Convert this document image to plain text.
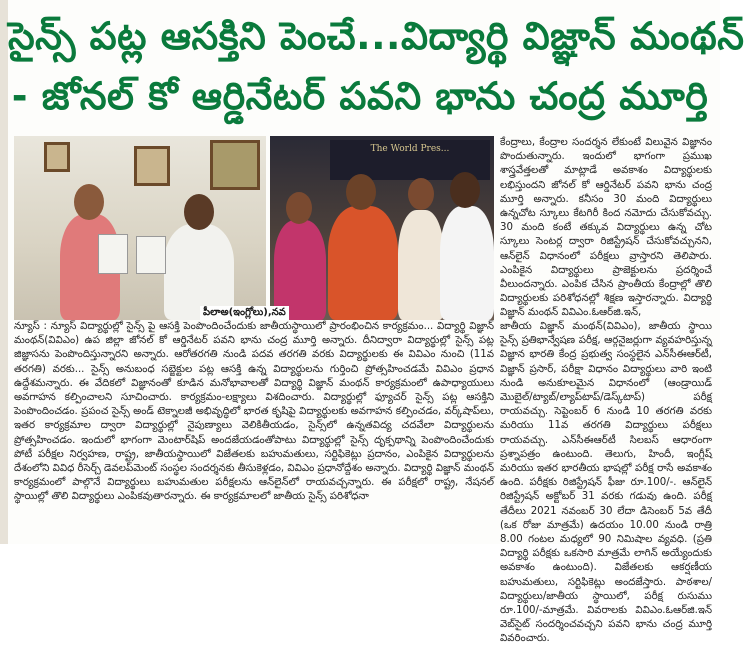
సైన్స్ పట్ల ఆసక్తిని పెంచే...విద్యార్థి విజ్ఞాన్ మంథన్
- జోనల్ కో ఆర్డినేటర్ పవని భాను చంద్ర మూర్తి
The World Pres...
పీలాఅ(ఇంగ్లోలు),నవ

కేంద్రాలు, కేంద్రాల సందర్శన లేకుంటే విలువైన విజ్ఞానం పొందుతున్నారు. ఇందులో భాగంగా ప్రముఖ శాస్త్రవేత్తలతో మాట్లాడే అవకాశం విద్యార్థులకు లభిస్తుందని జోనల్ కో ఆర్డినేటర్ పవని భాను చంద్ర మూర్తి అన్నారు. కనీసం 30 మంది విద్యార్థులు ఉన్నచోట స్కూలు కేటగిరీ కింద నమోదు చేసుకోవచ్చు. 30 మంది కంటే తక్కువ విద్యార్థులు ఉన్న చోట స్కూలు సెంటర్ల ద్వారా రిజిస్ట్రేషన్ చేసుకోవచ్చునని, ఆన్‌లైన్ విధానంలో పరీక్షలు వ్రాస్తారని తెలిపారు. ఎంపికైన విద్యార్థులు ప్రాజెక్టులను ప్రదర్శించే వీలుందన్నారు. ఎంపిక చేసిన ప్రాంతీయ కేంద్రాల్లో తొలి విద్యార్థులకు పరిశోధనల్లో శిక్షణ ఇస్తారన్నారు. విద్యార్థి విజ్ఞాన్ మంథన్ వివిఎం.ఓఆర్‌జి.ఇన్,

న్యూస్ : న్యూస్ విద్యార్థుల్లో సైన్స్ పై ఆసక్తి పెంపొందించేందుకు జాతీయస్థాయిలో ప్రారంభించిన కార్యక్రమం... విద్యార్థి విజ్ఞాన్ మంథన్(వివిఎం) ఉప జిల్లా జోనల్ కో ఆర్డినేటర్ పవని భాను చంద్ర మూర్తి అన్నారు. దీనిద్వారా విద్యార్థుల్లో సైన్స్ పట్ల జిజ్ఞాసను పెంపొందిస్తున్నారని అన్నారు. ఆరోతరగతి నుండి పదవ తరగతి వరకు విద్యార్థులకు ఈ వివిఎం నుంచి (11వ తరగతి) వరకు... సైన్స్ అనుబంధ సబ్జెక్టుల పట్ల ఆసక్తి ఉన్న విద్యార్థులను గుర్తించి ప్రోత్సహించడమే వివిఎం ప్రధాన ఉద్దేశమన్నారు. ఈ వేదికలో విజ్ఞానంతో కూడిన మనోభావాలతో విద్యార్థి విజ్ఞాన్ మంథన్ కార్యక్రమంలో ఉపాధ్యాయులు అవగాహన కల్పించాలని సూచించారు. కార్యక్రమం-లక్ష్యాలు విశదించారు. విద్యార్థుల్లో ఫ్యూచర్ సైన్స్ పట్ల ఆసక్తిని పెంపొందించడం. ప్రపంచ సైన్స్ అండ్ టెక్నాలజీ అభివృద్ధిలో భారత కృషిపై విద్యార్థులకు అవగాహన కల్పించడం, వర్క్‌షాప్‌లు, ఇతర కార్యక్రమాల ద్వారా విద్యార్థుల్లో నైపుణ్యాలు వెలికితీయడం, సైన్స్‌లో ఉన్నతవిద్య చదవేలా విద్యార్థులను ప్రోత్సహించడం. ఇందులో భాగంగా మెంటార్‌షిప్ అందజేయడంతోపాటు విద్యార్థుల్లో సైన్స్ దృక్పథాన్ని పెంపొందించేందుకు పోటీ పరీక్షల నిర్వహణ, రాష్ట్ర, జాతీయస్థాయిలో విజేతలకు బహుమతులు, సర్టిఫికెట్లు ప్రదానం, ఎంపికైన విద్యార్థులను దేశంలోని వివిధ రీసెర్చ్ డెవలప్‌మెంట్ సంస్థల సందర్శనకు తీసుకెళ్లడం, వివిఎం ప్రధానోద్దేశం అన్నారు. విద్యార్థి విజ్ఞాన్ మంథన్ కార్యక్రమంలో పాల్గొనే విద్యార్థులు బహుమతుల పరీక్షలను ఆన్‌లైన్‌లో రాయవచ్చన్నారు. ఈ పరీక్షలో రాష్ట్ర, నేషనల్ స్థాయిల్లో తొలి విద్యార్థులు ఎంపికవుతారన్నారు. ఈ కార్యక్రమాలలో జాతీయ సైన్స్ పరిశోధనా

జాతీయ విజ్ఞాన్ మంథన్(వివిఎం), జాతీయ స్థాయి సైన్స్ ప్రతిభాన్వేషణ పరీక్ష, ఆర్గనైజర్లుగా వ్యవహరిస్తున్న విజ్ఞాన భారతి కేంద్ర ప్రభుత్వ సంస్థలైన ఎన్‌సీఈఆర్‌టీ, విజ్ఞాన్ ప్రసార్, పరీక్షా విధానం విద్యార్థులు వారి ఇంటి నుండి అనుకూలమైన విధానంలో (ఆండ్రాయిడ్ మొబైల్/ట్యాబ్/ల్యాప్‌టాప్/డెస్క్‌టాప్) పరీక్ష రాయవచ్చు. సెప్టెంబర్ 6 నుండి 10 తరగతి వరకు మరియు 11వ తరగతి విద్యార్థులు పరీక్షలు రాయవచ్చు. ఎన్‌సీఈఆర్‌టీ సిలబస్ ఆధారంగా ప్రశ్నాపత్రం ఉంటుంది. తెలుగు, హిందీ, ఇంగ్లీష్ మరియు ఇతర భారతీయ భాషల్లో పరీక్ష రాసే అవకాశం ఉంది. పరీక్షకు రిజిస్ట్రేషన్ ఫీజు రూ.100/-. ఆన్‌లైన్ రిజిస్ట్రేషన్ అక్టోబర్ 31 వరకు గడువు ఉంది. పరీక్ష తేదీలు 2021 నవంబర్ 30 లేదా డిసెంబర్ 5వ తేదీ (ఒక రోజు మాత్రమే) ఉదయం 10.00 నుండి రాత్రి 8.00 గంటల మధ్యలో 90 నిమిషాల వ్యవధి. (ప్రతి విద్యార్థి పరీక్షకు ఒకసారి మాత్రమే లాగిన్ అయ్యేందుకు అవకాశం ఉంటుంది). విజేతలకు ఆకర్షణీయ బహుమతులు, సర్టిఫికెట్లు అందజేస్తారు. పాఠశాల/విద్యార్థులు/జాతీయ స్థాయిలో, పరీక్ష రుసుము రూ.100/-మాత్రమే. వివరాలకు వివిఎం.ఓఆర్‌జి.ఇన్ వెబ్‌సైట్ సందర్శించవచ్చని పవని భాను చంద్ర మూర్తి వివరించారు.
